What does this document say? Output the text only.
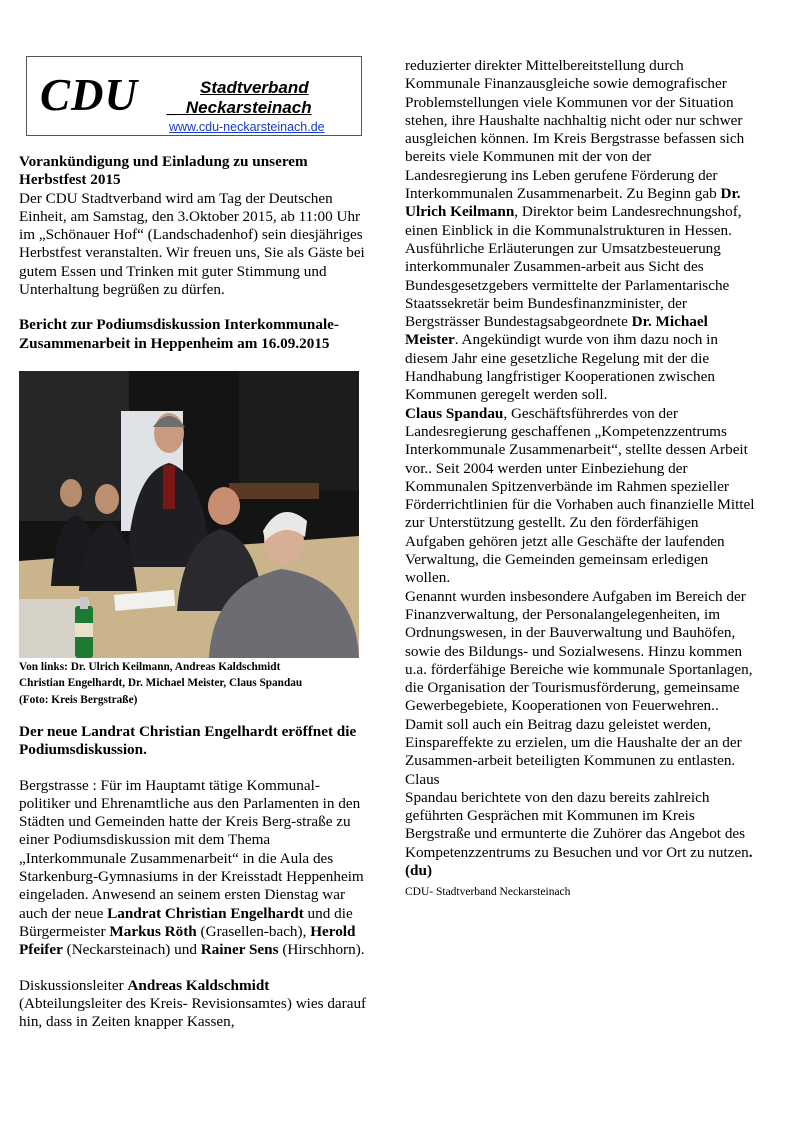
CDU	Stadtverband
_  Neckarsteinach
www.cdu-neckarsteinach.de

Vorankündigung und Einladung zu unserem Herbstfest 2015

Der CDU Stadtverband wird am Tag der Deutschen Einheit, am Samstag, den 3.Oktober 2015, ab 11:00 Uhr im „Schönauer Hof“ (Landschadenhof) sein diesjähriges Herbstfest veranstalten. Wir freuen uns, Sie als Gäste bei gutem Essen und Trinken mit guter Stimmung und Unterhaltung begrüßen zu dürfen.

Bericht zur Podiumsdiskussion Interkommunale-Zusammenarbeit in Heppenheim am 16.09.2015

Von links: Dr. Ulrich Keilmann, Andreas Kaldschmidt
Christian Engelhardt, Dr. Michael Meister, Claus Spandau
(Foto: Kreis Bergstraße)

Der neue Landrat Christian Engelhardt eröffnet die Podiumsdiskussion.

Bergstrasse : Für im Hauptamt tätige Kommunal-politiker und Ehrenamtliche aus den Parlamenten in den Städten und Gemeinden hatte der Kreis Berg-straße zu einer Podiumsdiskussion mit dem Thema „Interkommunale Zusammenarbeit“ in die Aula des Starkenburg-Gymnasiums in der Kreisstadt Heppenheim eingeladen. Anwesend an seinem ersten Dienstag war auch der neue Landrat Christian Engelhardt und die Bürgermeister Markus Röth (Grasellen-bach), Herold Pfeifer (Neckarsteinach) und Rainer Sens (Hirschhorn).

Diskussionsleiter Andreas Kaldschmidt (Abteilungsleiter des Kreis- Revisionsamtes) wies darauf hin, dass in Zeiten knapper Kassen,

reduzierter direkter Mittelbereitstellung durch Kommunale Finanzausgleiche sowie demografischer Problemstellungen viele Kommunen vor der Situation stehen, ihre Haushalte nachhaltig nicht oder nur schwer ausgleichen können. Im Kreis Bergstrasse befassen sich bereits viele Kommunen mit der von der Landesregierung ins Leben gerufene Förderung der Interkommunalen Zusammenarbeit. Zu Beginn gab Dr. Ulrich Keilmann, Direktor beim Landesrechnungshof, einen Einblick in die Kommunalstrukturen in Hessen. Ausführliche Erläuterungen zur Umsatzbesteuerung interkommunaler Zusammen-arbeit aus Sicht des Bundesgesetzgebers vermittelte der Parlamentarische Staatssekretär beim Bundesfinanzminister, der Bergsträsser Bundestagsabgeordnete Dr. Michael Meister. Angekündigt wurde von ihm dazu noch in diesem Jahr eine gesetzliche Regelung mit der die Handhabung langfristiger Kooperationen zwischen Kommunen geregelt werden soll.

Claus Spandau, Geschäftsführerdes von der Landesregierung geschaffenen „Kompetenzzentrums Interkommunale Zusammenarbeit“, stellte dessen Arbeit vor.. Seit 2004 werden unter Einbeziehung der Kommunalen Spitzenverbände im Rahmen spezieller Förderrichtlinien für die Vorhaben auch finanzielle Mittel zur Unterstützung gestellt. Zu den förderfähigen Aufgaben gehören jetzt alle Geschäfte der laufenden Verwaltung, die Gemeinden gemeinsam erledigen wollen.

Genannt wurden insbesondere Aufgaben im Bereich der Finanzverwaltung, der Personalangelegenheiten, im Ordnungswesen, in der Bauverwaltung und Bauhöfen, sowie des Bildungs- und Sozialwesens. Hinzu kommen u.a. förderfähige Bereiche wie kommunale Sportanlagen, die Organisation der Tourismusförderung, gemeinsame Gewerbegebiete, Kooperationen von Feuerwehren.. Damit soll auch ein Beitrag dazu geleistet werden, Einspareffekte zu erzielen, um die Haushalte der an der Zusammen-arbeit beteiligten Kommunen zu entlasten. Claus

Spandau berichtete von den dazu bereits zahlreich geführten Gesprächen mit Kommunen im Kreis Bergstraße und ermunterte die Zuhörer das Angebot des Kompetenzzentrums zu Besuchen und vor Ort zu nutzen.(du)

CDU- Stadtverband Neckarsteinach
